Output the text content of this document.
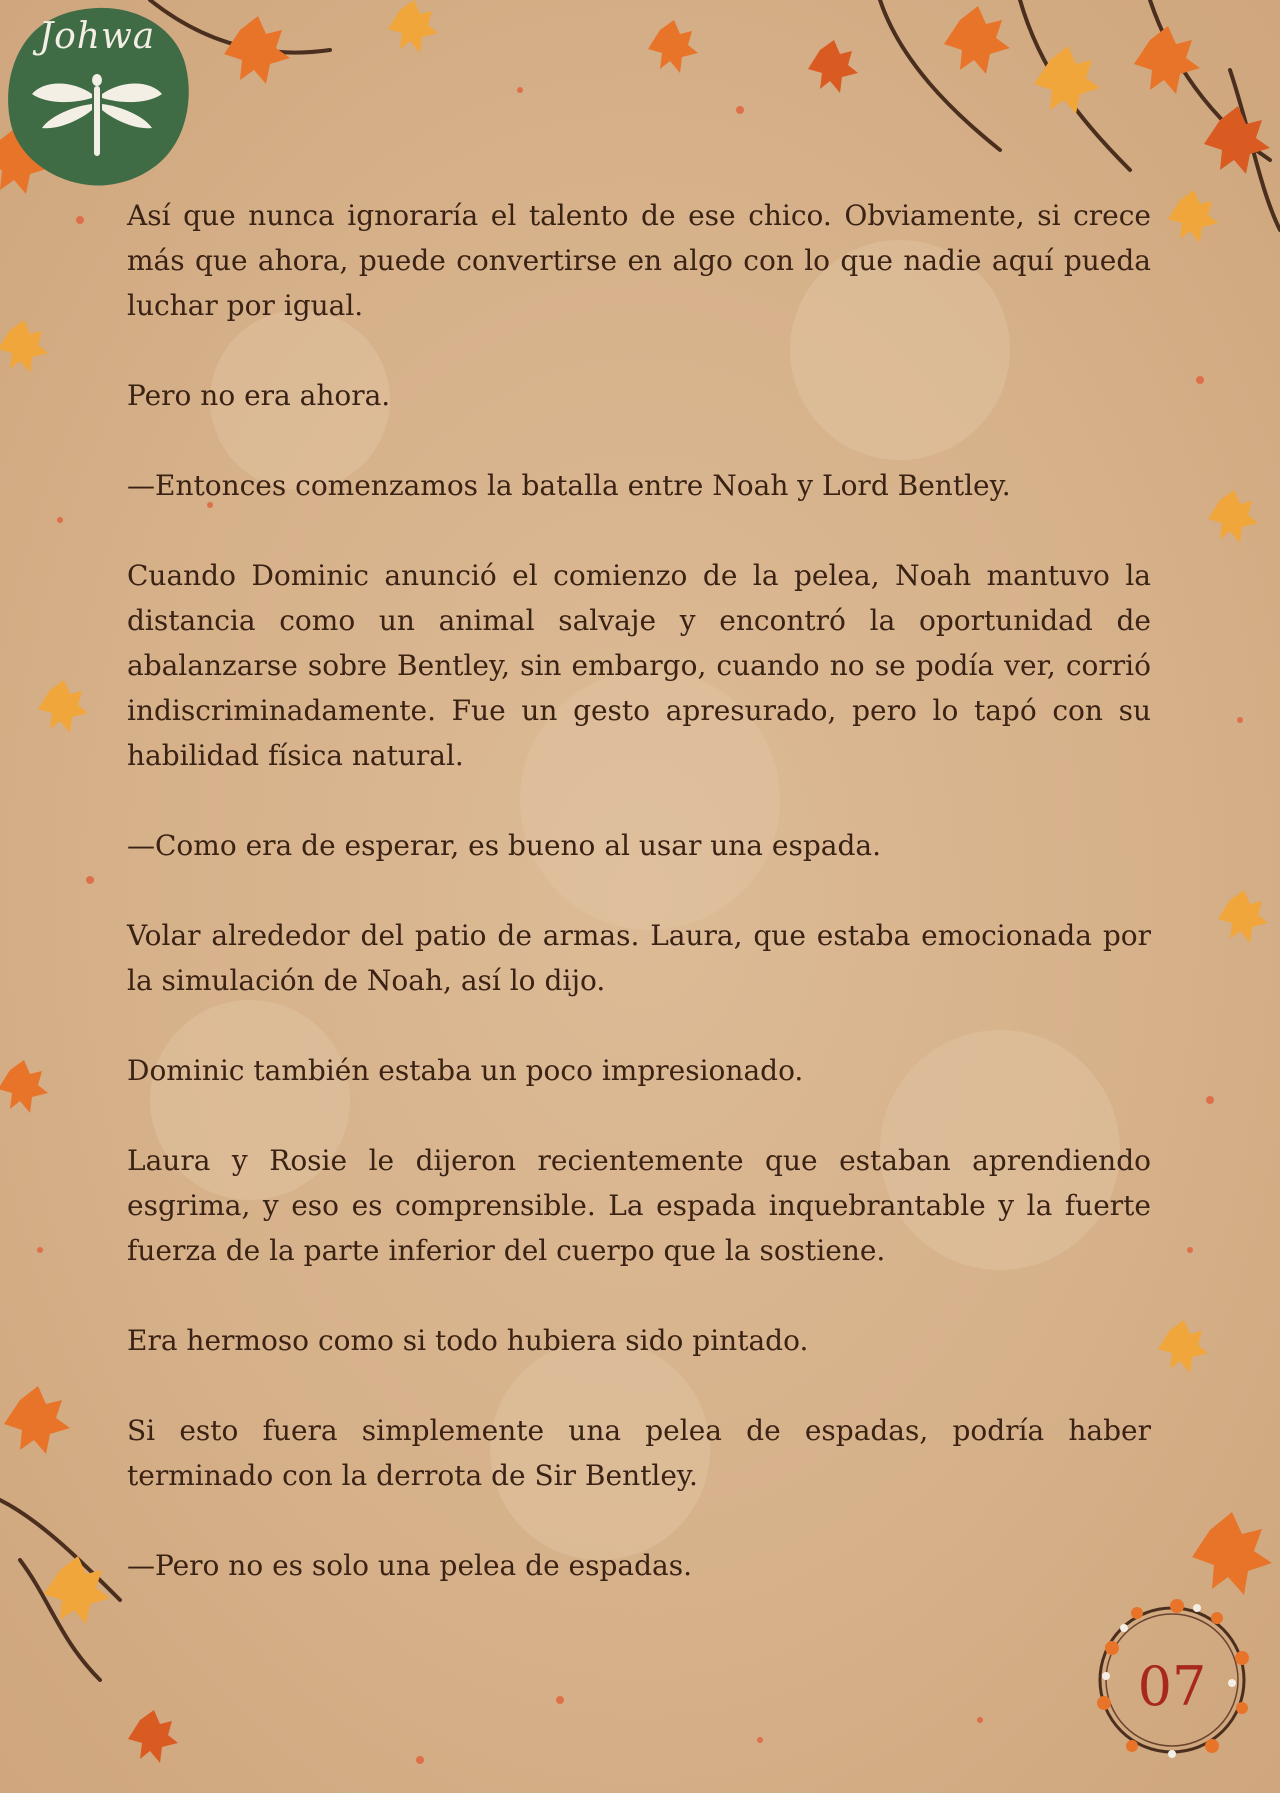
Johwa

Así que nunca ignoraría el talento de ese chico. Obviamente, si crece más que ahora, puede convertirse en algo con lo que nadie aquí pueda luchar por igual.

Pero no era ahora.

—Entonces comenzamos la batalla entre Noah y Lord Bentley.

Cuando Dominic anunció el comienzo de la pelea, Noah mantuvo la distancia como un animal salvaje y encontró la oportunidad de abalanzarse sobre Bentley, sin embargo, cuando no se podía ver, corrió indiscriminadamente. Fue un gesto apresurado, pero lo tapó con su habilidad física natural.

—Como era de esperar, es bueno al usar una espada.

Volar alrededor del patio de armas. Laura, que estaba emocionada por la simulación de Noah, así lo dijo.

Dominic también estaba un poco impresionado.

Laura y Rosie le dijeron recientemente que estaban aprendiendo esgrima, y eso es comprensible. La espada inquebrantable y la fuerte fuerza de la parte inferior del cuerpo que la sostiene.

Era hermoso como si todo hubiera sido pintado.

Si esto fuera simplemente una pelea de espadas, podría haber terminado con la derrota de Sir Bentley.

—Pero no es solo una pelea de espadas.

07
